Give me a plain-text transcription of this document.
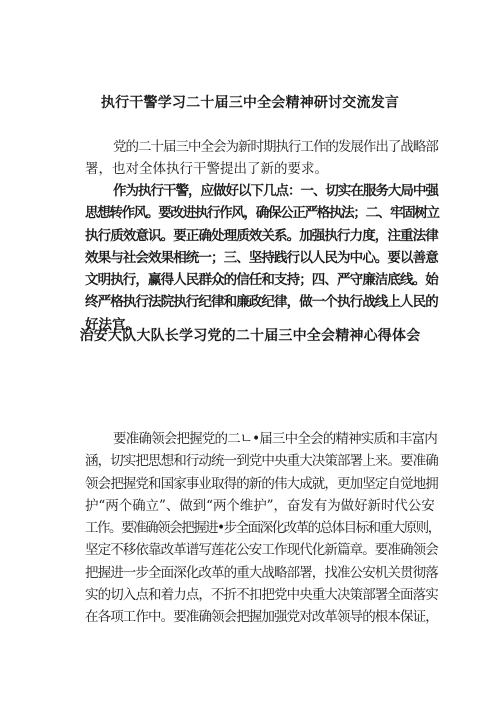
执行干警学习二十届三中全会精神研讨交流发言
党的二十届三中全会为新时期执行工作的发展作出了战略部
署，也对全体执行干警提出了新的要求。
作为执行干警，应做好以下几点：一、切实在服务大局中强
思想转作风。要改进执行作风，确保公正严格执法；二、牢固树立
执行质效意识。要正确处理质效关系。加强执行力度，注重法律
效果与社会效果相统一；三、坚持践行以人民为中心。要以善意
文明执行，赢得人民群众的信任和支持；四、严守廉洁底线。始
终严格执行法院执行纪律和廉政纪律，做一个执行战线上人民的
好法官。
治安大队大队长学习党的二十届三中全会精神心得体会
要准确领会把握党的二ㄴ•届三中全会的精神实质和丰富内
涵，切实把思想和行动统一到党中央重大决策部署上来。要准确
领会把握党和国家事业取得的新的伟大成就，更加坚定自觉地拥
护“两个确立”、做到“两个维护”，奋发有为做好新时代公安
工作。要准确领会把握进•步全面深化改革的总体目标和重大原则，
坚定不移依靠改革谱写莲花公安工作现代化新篇章。要准确领会
把握进一步全面深化改革的重大战略部署，找准公安机关贯彻落
实的切入点和着力点，不折不扣把党中央重大决策部署全面落实
在各项工作中。要准确领会把握加强党对改革领导的根本保证，
